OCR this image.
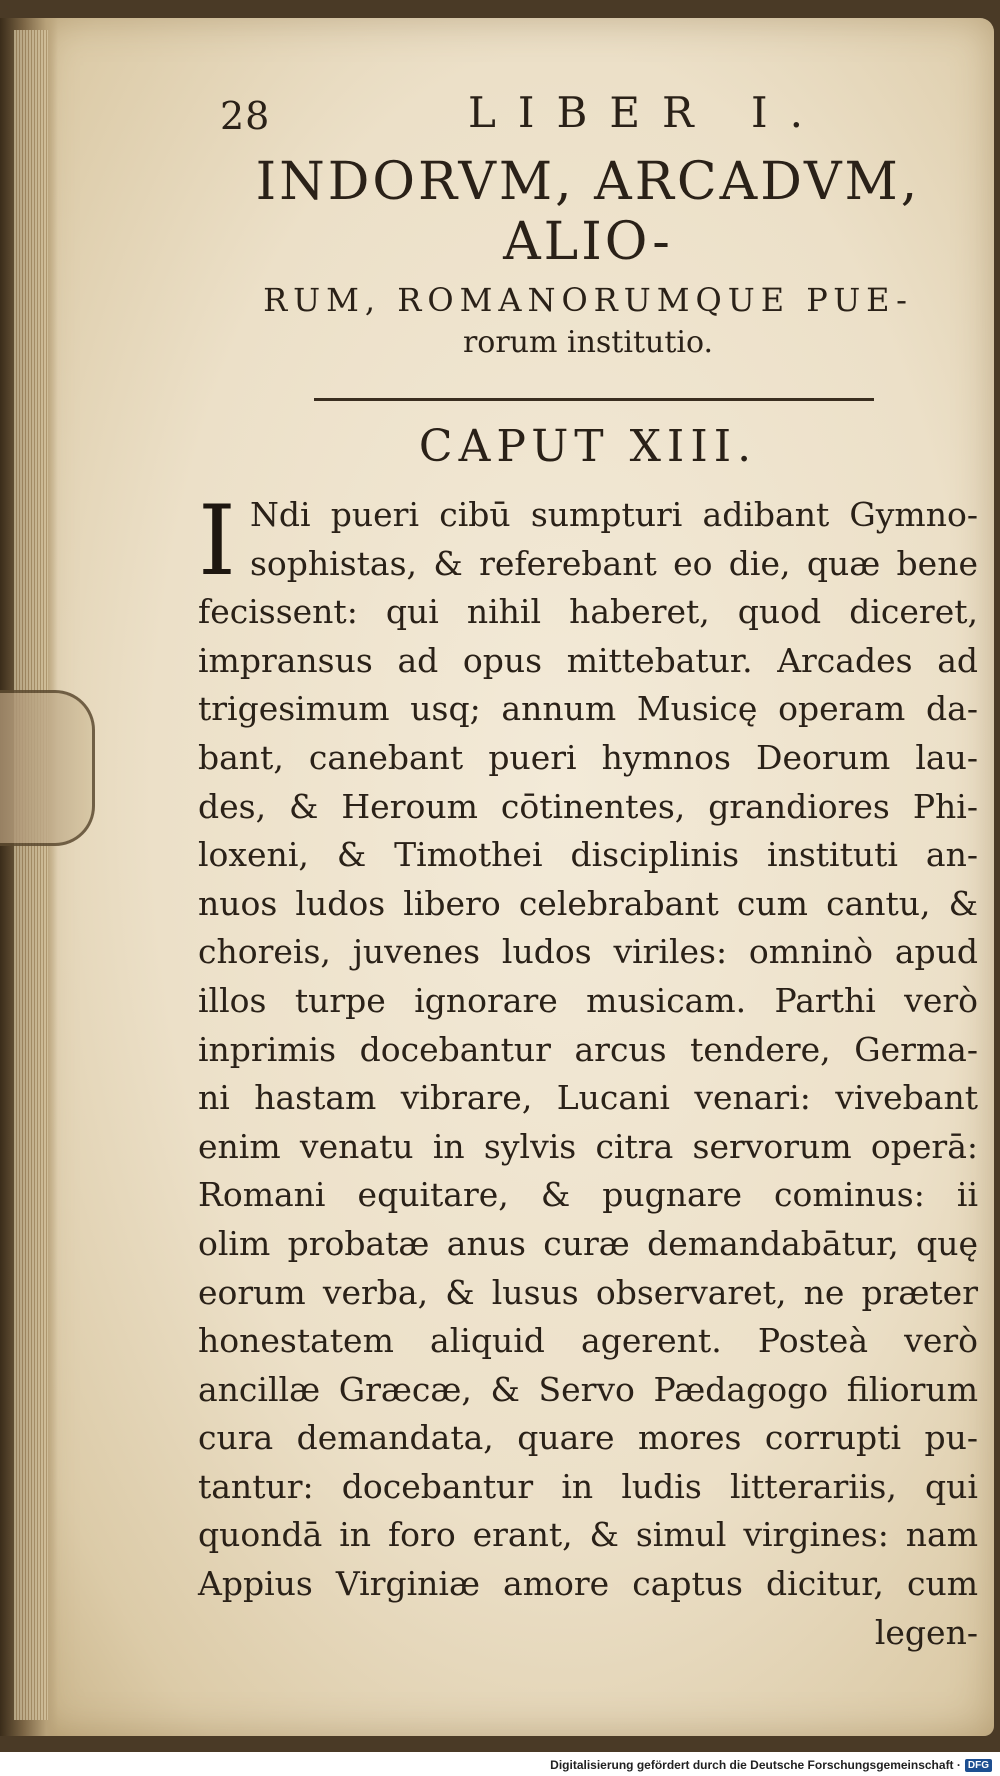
28	LIBER I.
INDORVM, ARCADVM, ALIO-
RUM, ROMANORUMQUE PUE-
rorum institutio.
CAPUT XIII.
I Ndi pueri cibū sumpturi adibant Gymno-
sophistas, & referebant eo die, quæ bene
fecissent: qui nihil haberet, quod diceret,
impransus ad opus mittebatur. Arcades ad
trigesimum usq; annum Musicę operam da-
bant, canebant pueri hymnos Deorum lau-
des, & Heroum cōtinentes, grandiores Phi-
loxeni, & Timothei disciplinis instituti an-
nuos ludos libero celebrabant cum cantu, &
choreis, juvenes ludos viriles: omninò apud
illos turpe ignorare musicam. Parthi verò
inprimis docebantur arcus tendere, Germa-
ni hastam vibrare, Lucani venari: vivebant
enim venatu in sylvis citra servorum operā:
Romani equitare, & pugnare cominus: ii
olim probatæ anus curæ demandabātur, quę
eorum verba, & lusus observaret, ne præter
honestatem aliquid agerent. Posteà verò
ancillæ Græcæ, & Servo Pædagogo filiorum
cura demandata, quare mores corrupti pu-
tantur: docebantur in ludis litterariis, qui
quondā in foro erant, & simul virgines: nam
Appius Virginiæ amore captus dicitur, cum
legen-
Digitalisierung gefördert durch die Deutsche Forschungsgemeinschaft · DFG
